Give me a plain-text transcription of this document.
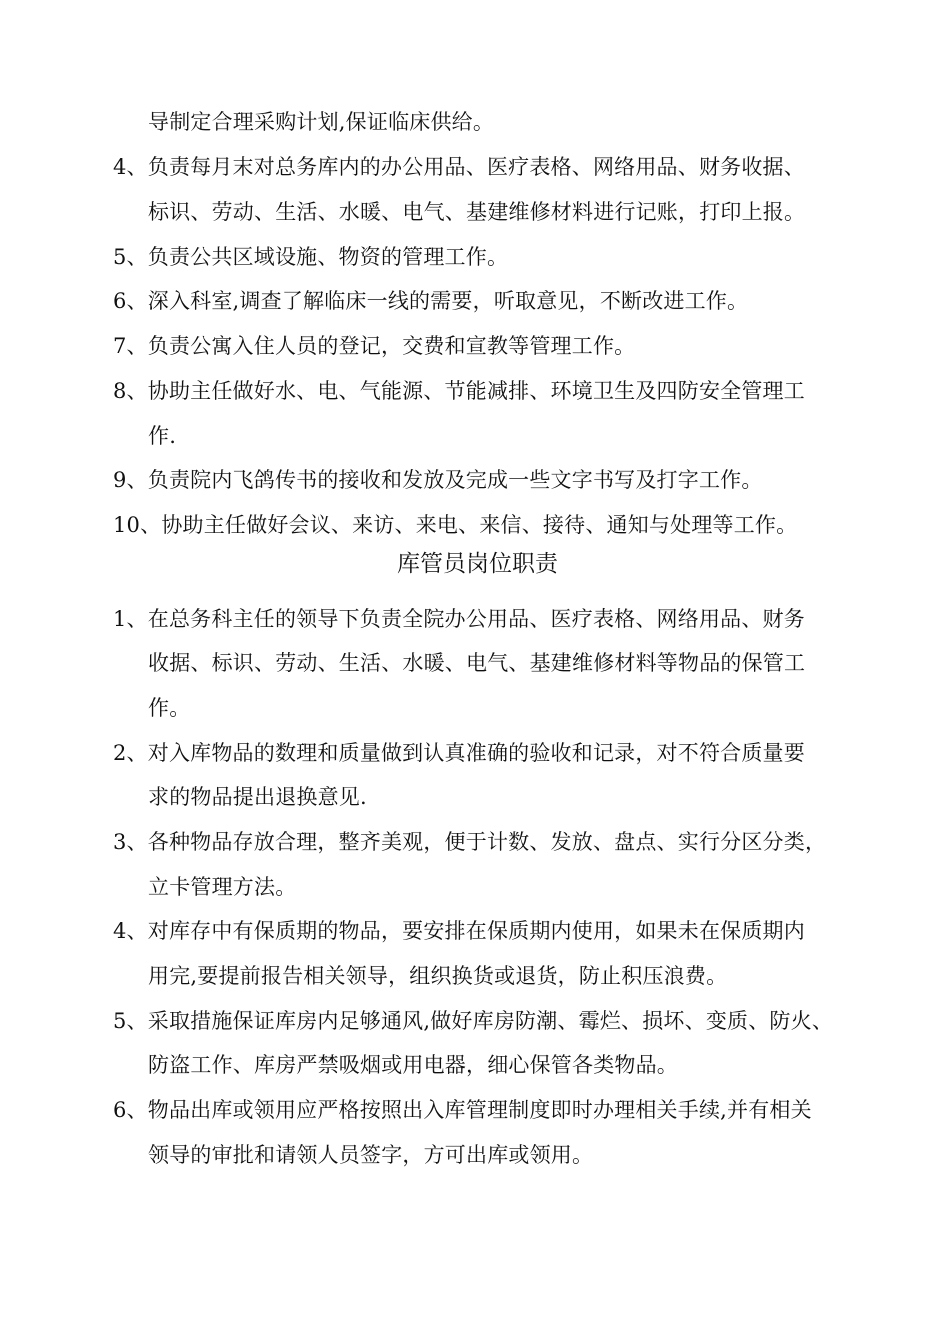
导制定合理采购计划,保证临床供给。
4、负责每月末对总务库内的办公用品、医疗表格、网络用品、财务收据、
标识、劳动、生活、水暖、电气、基建维修材料进行记账，打印上报。
5、负责公共区域设施、物资的管理工作。
6、深入科室,调查了解临床一线的需要，听取意见，不断改进工作。
7、负责公寓入住人员的登记，交费和宣教等管理工作。
8、协助主任做好水、电、气能源、节能减排、环境卫生及四防安全管理工
作.
9、负责院内飞鸽传书的接收和发放及完成一些文字书写及打字工作。
10、协助主任做好会议、来访、来电、来信、接待、通知与处理等工作。
库管员岗位职责
1、在总务科主任的领导下负责全院办公用品、医疗表格、网络用品、财务
收据、标识、劳动、生活、水暖、电气、基建维修材料等物品的保管工
作。
2、对入库物品的数理和质量做到认真准确的验收和记录，对不符合质量要
求的物品提出退换意见.
3、各种物品存放合理，整齐美观，便于计数、发放、盘点、实行分区分类，
立卡管理方法。
4、对库存中有保质期的物品，要安排在保质期内使用，如果未在保质期内
用完,要提前报告相关领导，组织换货或退货，防止积压浪费。
5、采取措施保证库房内足够通风,做好库房防潮、霉烂、损坏、变质、防火、
防盗工作、库房严禁吸烟或用电器，细心保管各类物品。
6、物品出库或领用应严格按照出入库管理制度即时办理相关手续,并有相关
领导的审批和请领人员签字，方可出库或领用。
